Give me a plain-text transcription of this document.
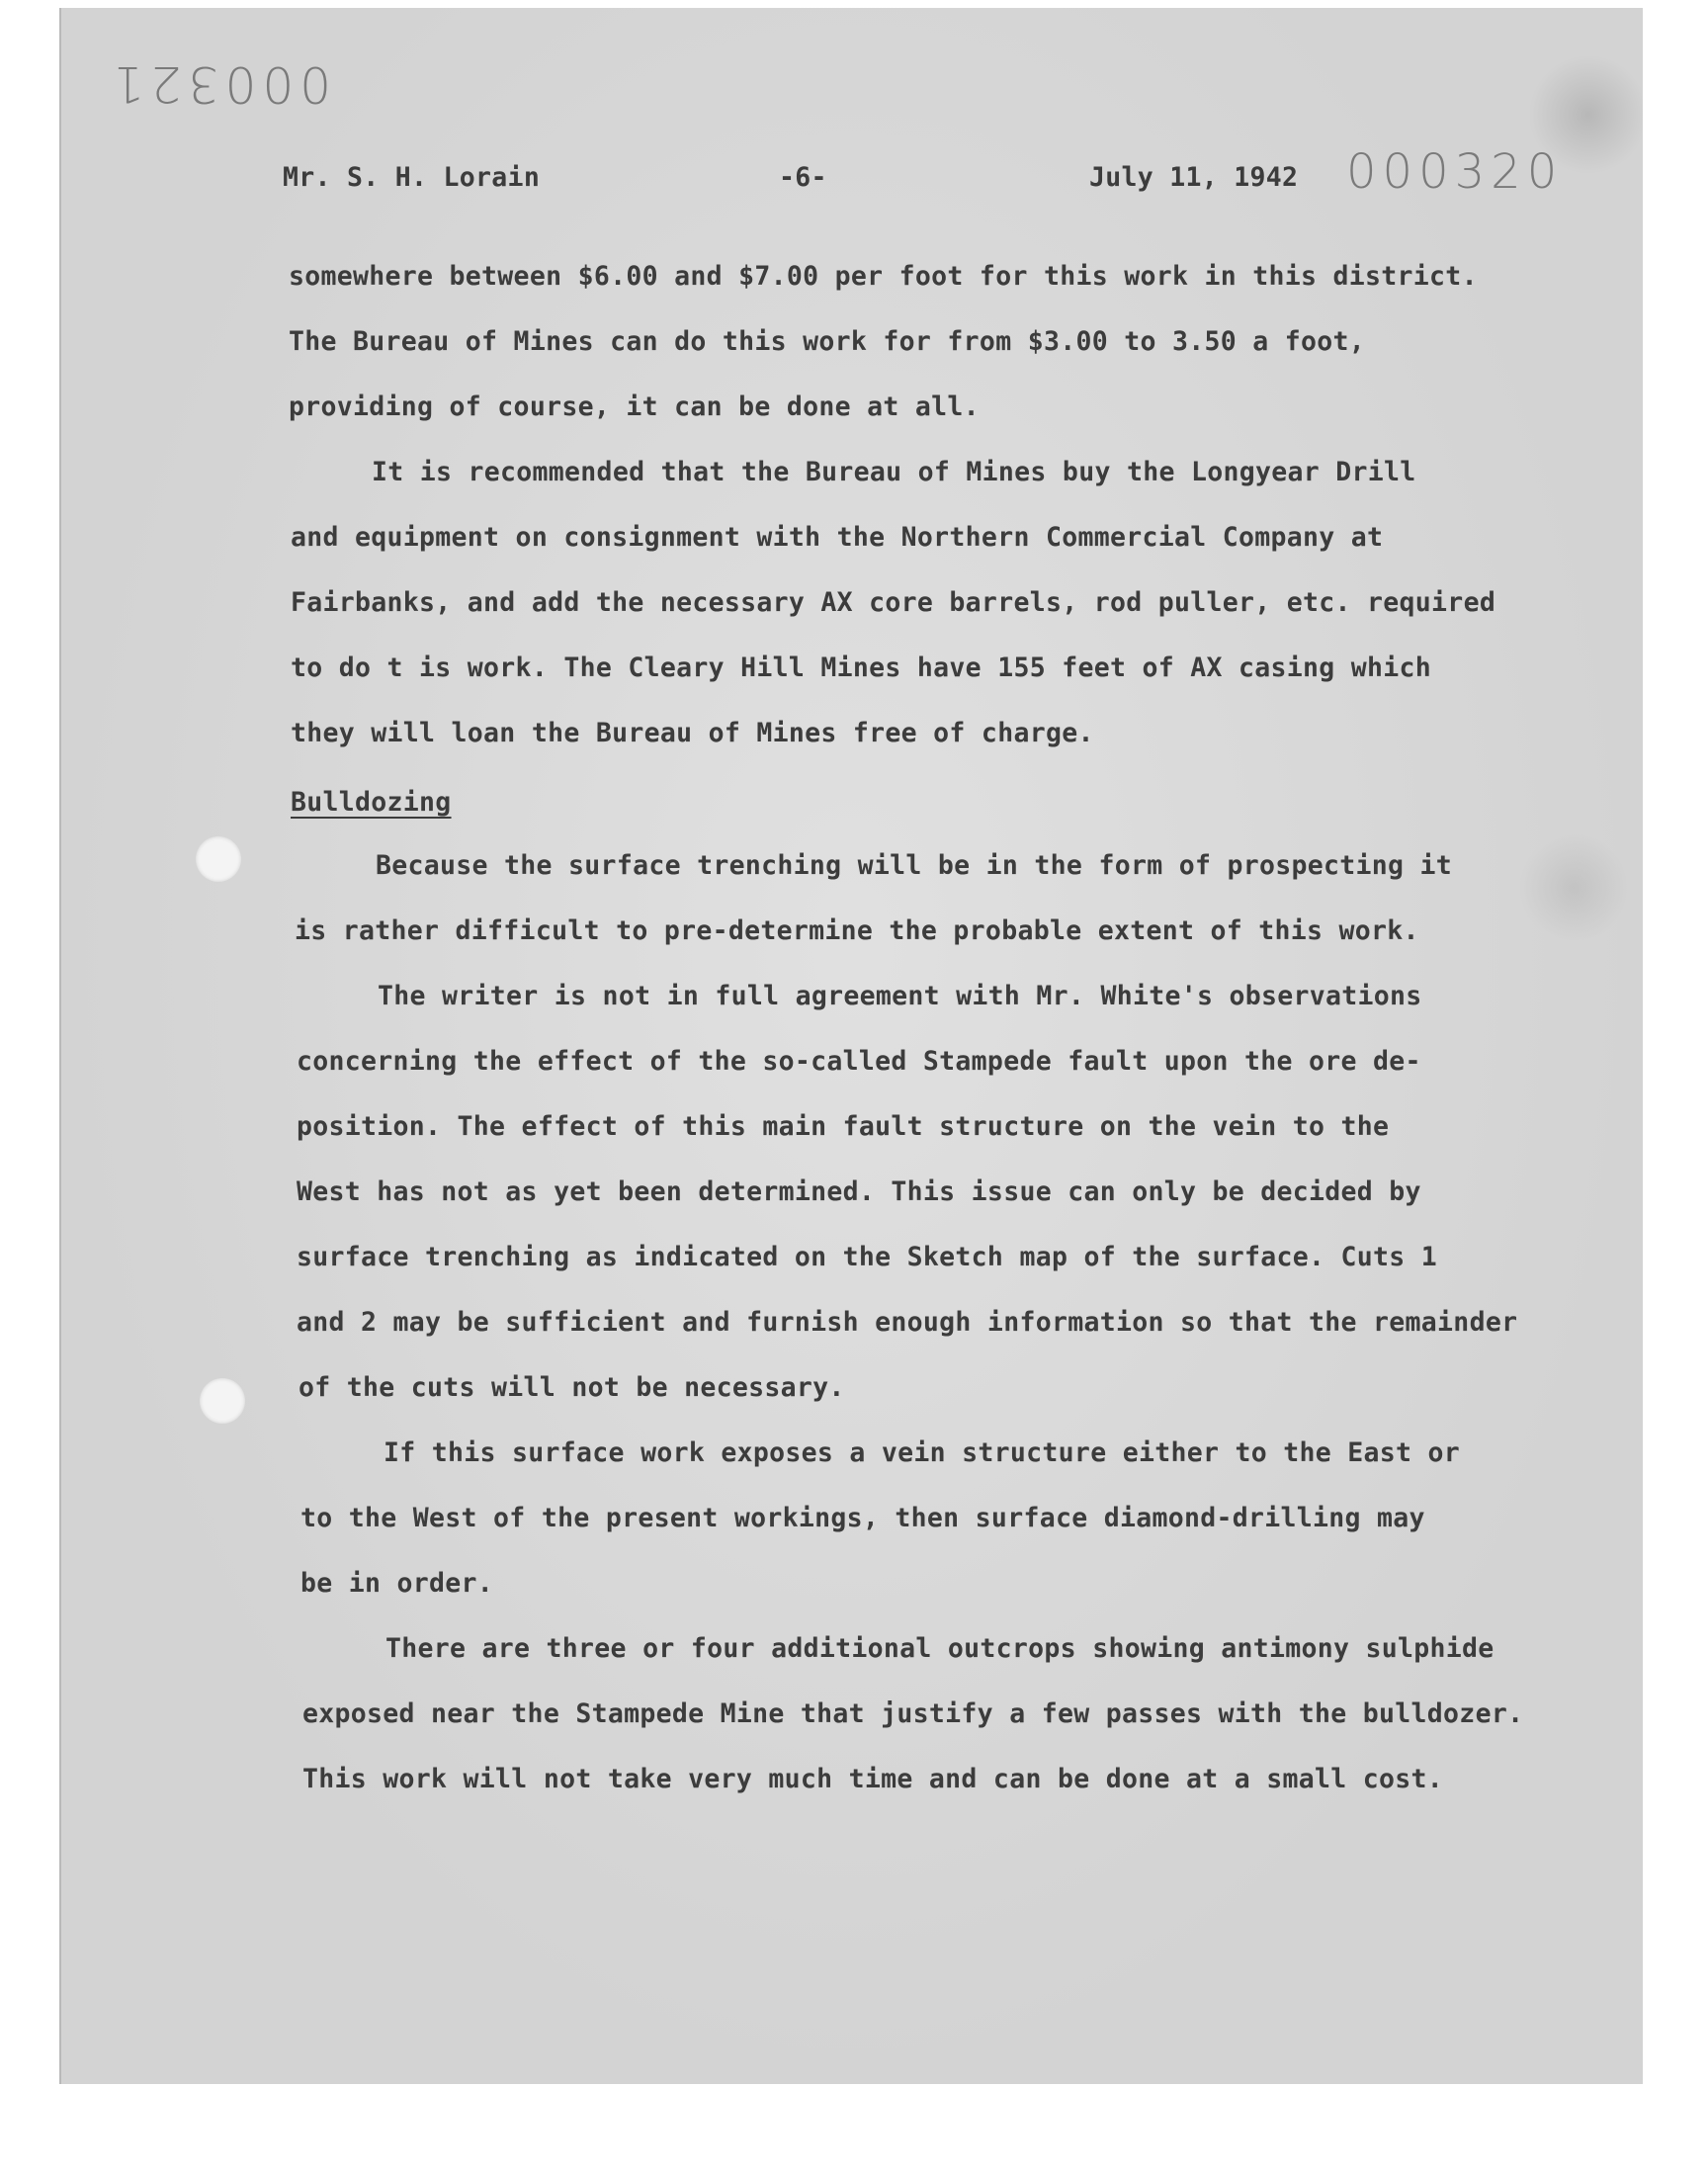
000321
000320
Mr. S. H. Lorain	-6-	July 11, 1942
somewhere between $6.00 and $7.00 per foot for this work in this district.
The Bureau of Mines can do this work for from $3.00 to 3.50 a foot,
providing of course, it can be done at all.
It is recommended that the Bureau of Mines buy the Longyear Drill
and equipment on consignment with the Northern Commercial Company at
Fairbanks, and add the necessary AX core barrels, rod puller, etc. required
to do t is work. The Cleary Hill Mines have 155 feet of AX casing which
they will loan the Bureau of Mines free of charge.
Bulldozing
Because the surface trenching will be in the form of prospecting it
is rather difficult to pre-determine the probable extent of this work.
The writer is not in full agreement with Mr. White's observations
concerning the effect of the so-called Stampede fault upon the ore de-
position. The effect of this main fault structure on the vein to the
West has not as yet been determined. This issue can only be decided by
surface trenching as indicated on the Sketch map of the surface. Cuts 1
and 2 may be sufficient and furnish enough information so that the remainder
of the cuts will not be necessary.
If this surface work exposes a vein structure either to the East or
to the West of the present workings, then surface diamond-drilling may
be in order.
There are three or four additional outcrops showing antimony sulphide
exposed near the Stampede Mine that justify a few passes with the bulldozer.
This work will not take very much time and can be done at a small cost.
